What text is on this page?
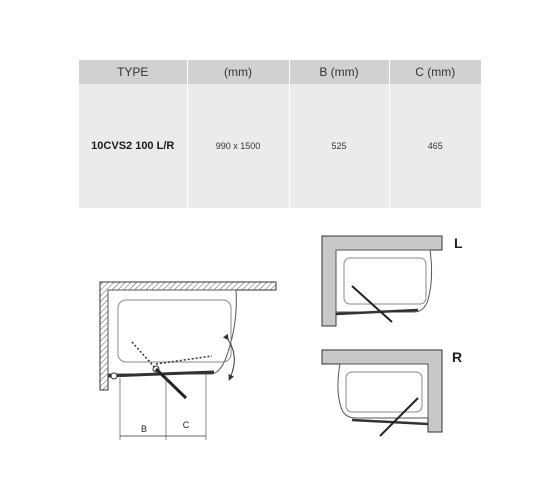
TYPE	(mm)	B (mm)	C (mm)
10CVS2 100 L/R	990 x 1500	525	465
B	C
L
R
